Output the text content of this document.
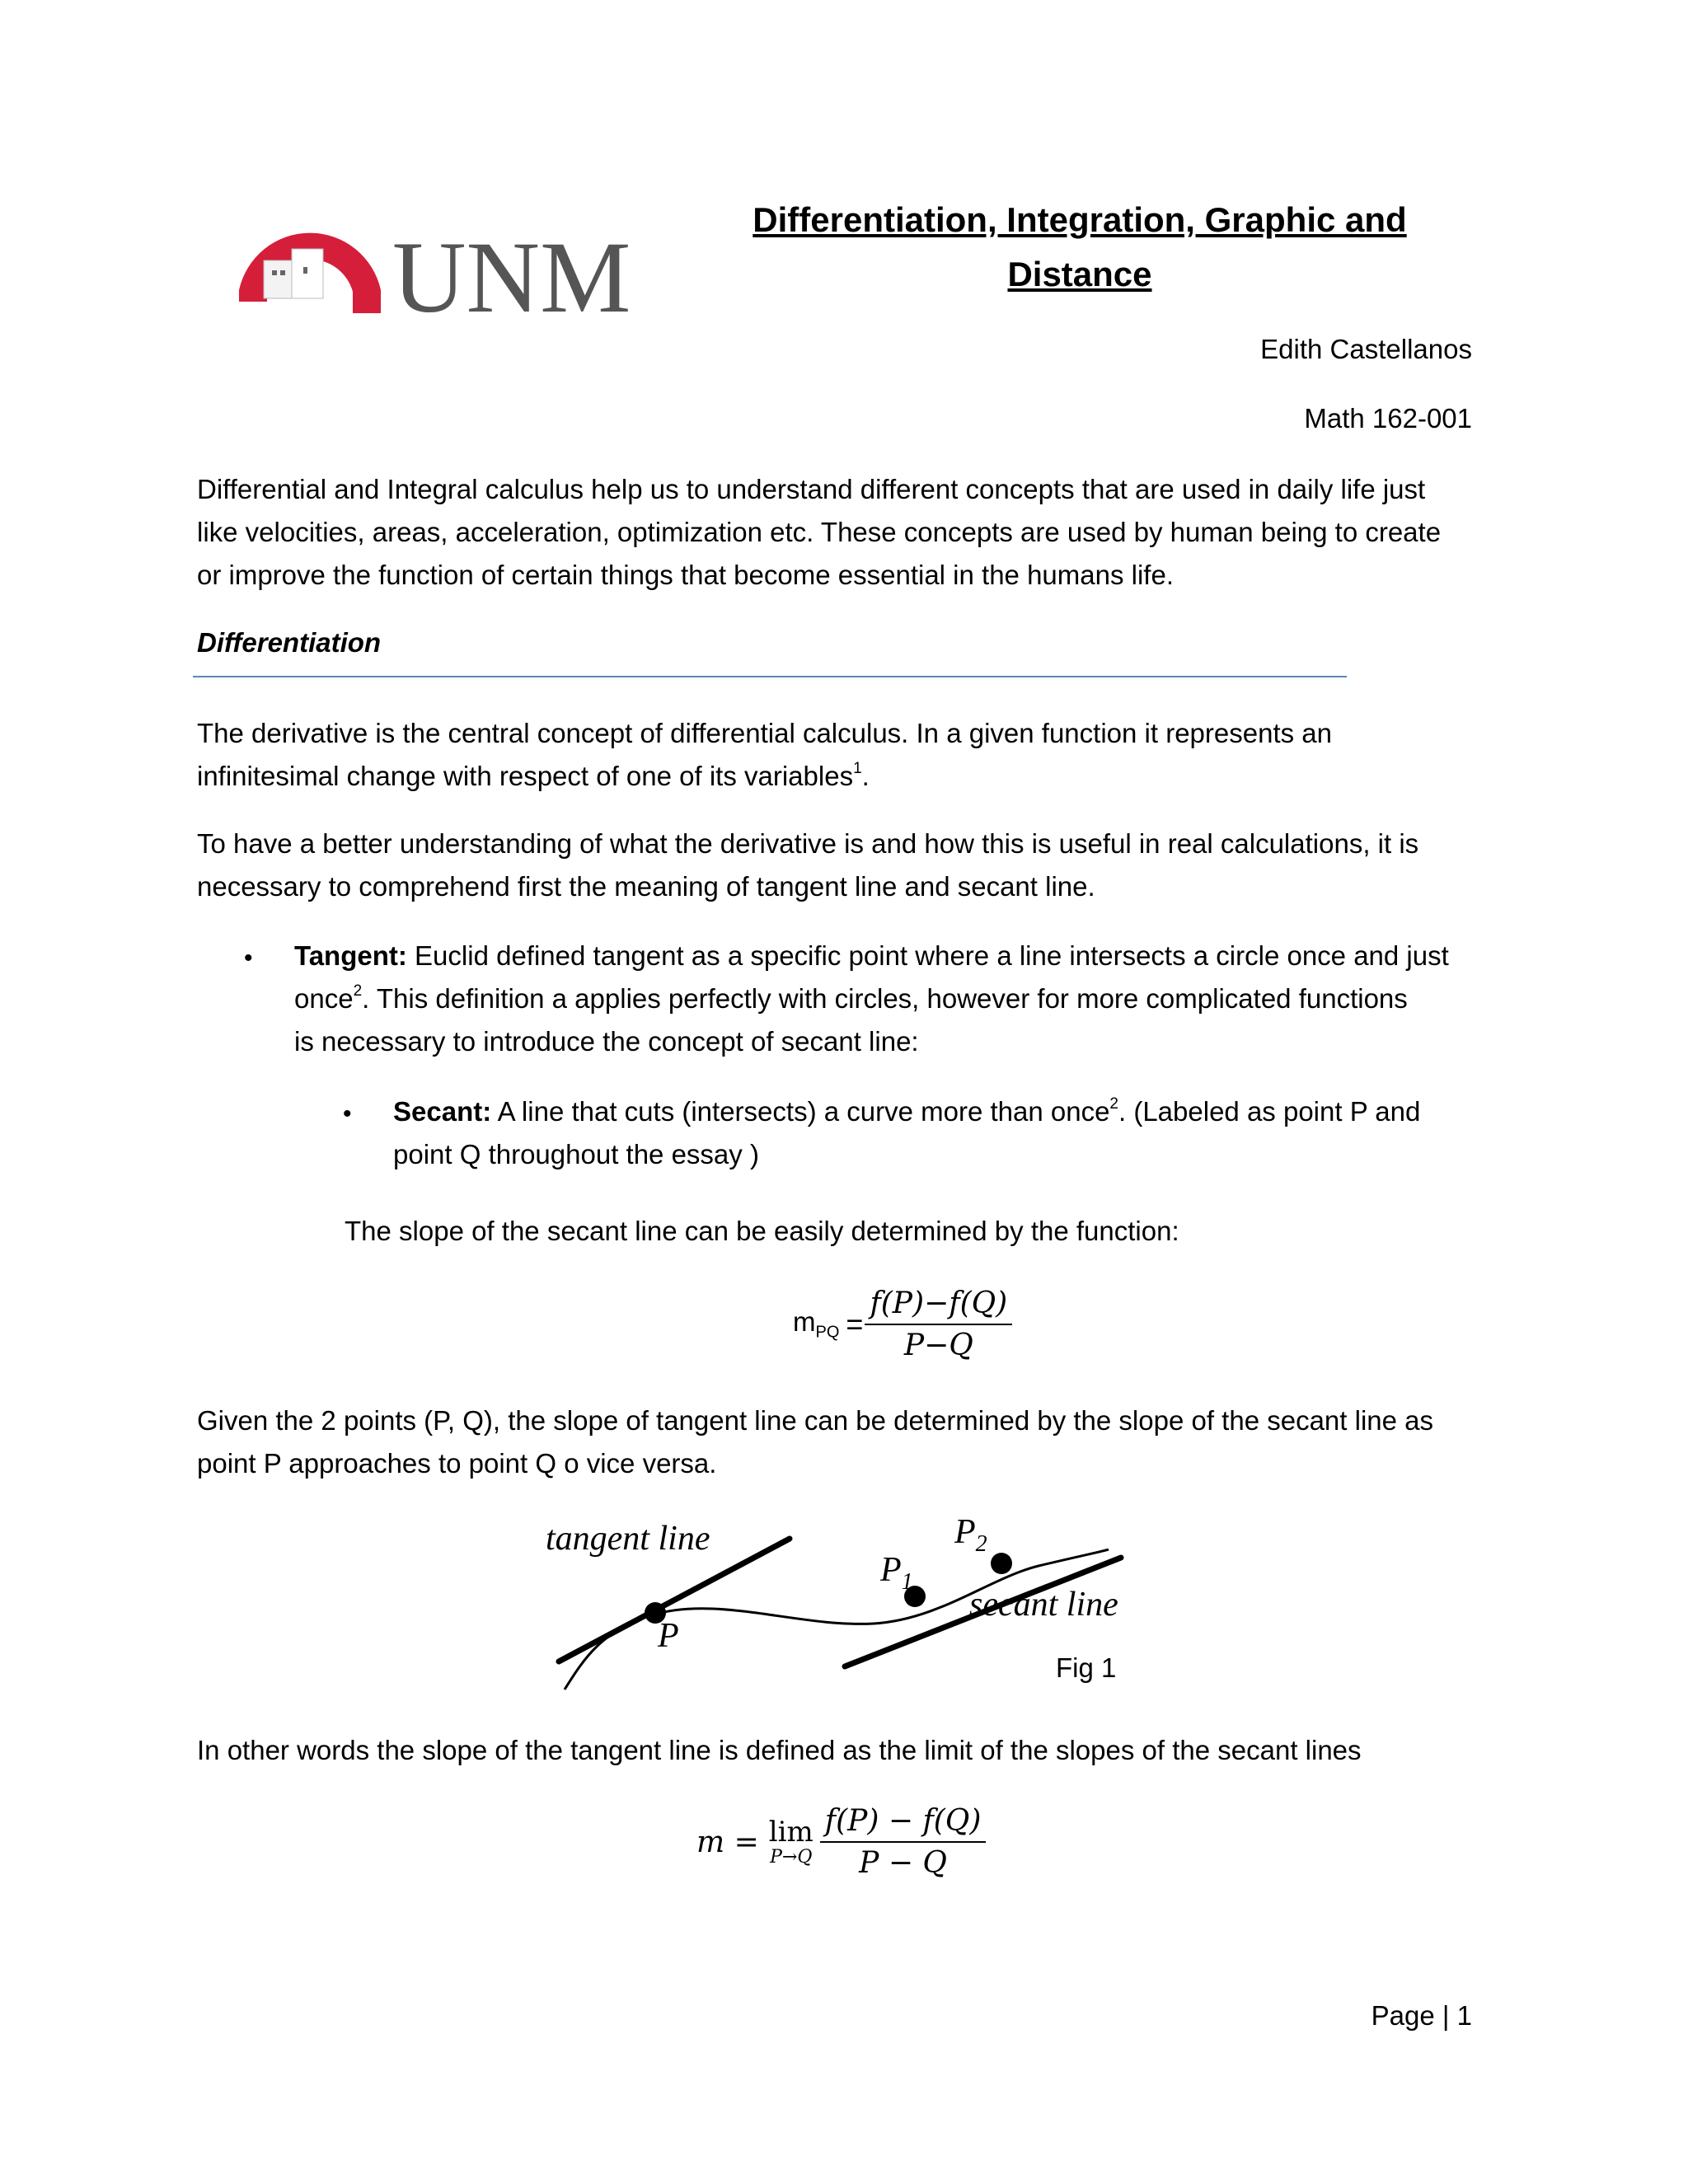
UNM
Differentiation, Integration, Graphic and
Distance
Edith Castellanos
Math 162-001
Differential and Integral calculus help us to understand different concepts that are used in daily life just
like velocities, areas, acceleration, optimization etc. These concepts are used by human being to create
or improve the function of certain things that become essential in the humans life.
Differentiation
The derivative is the central concept of differential calculus. In a given function it represents an
infinitesimal change with respect of one of its variables$^1$.
To have a better understanding of what the derivative is and how this is useful in real calculations, it is
necessary to comprehend first the meaning of tangent line and secant line.
• Tangent: Euclid defined tangent as a specific point where a line intersects a circle once and just
once$^2$. This definition a applies perfectly with circles, however for more complicated functions
is necessary to introduce the concept of secant line:
• Secant: A line that cuts (intersects) a curve more than once$^2$. (Labeled as point P and
point Q throughout the essay )
The slope of the secant line can be easily determined by the function:
$m_{PQ} = \frac{f(P)-f(Q)}{P-Q}$
Given the 2 points (P, Q), the slope of tangent line can be determined by the slope of the secant line as
point P approaches to point Q o vice versa.
tangent line
P
$P_1$
$P_2$
secant line
Fig 1
In other words the slope of the tangent line is defined as the limit of the slopes of the secant lines
m = lim
$P\to Q \frac{f(P) - f(Q)}{P - Q}$
Page | 1
